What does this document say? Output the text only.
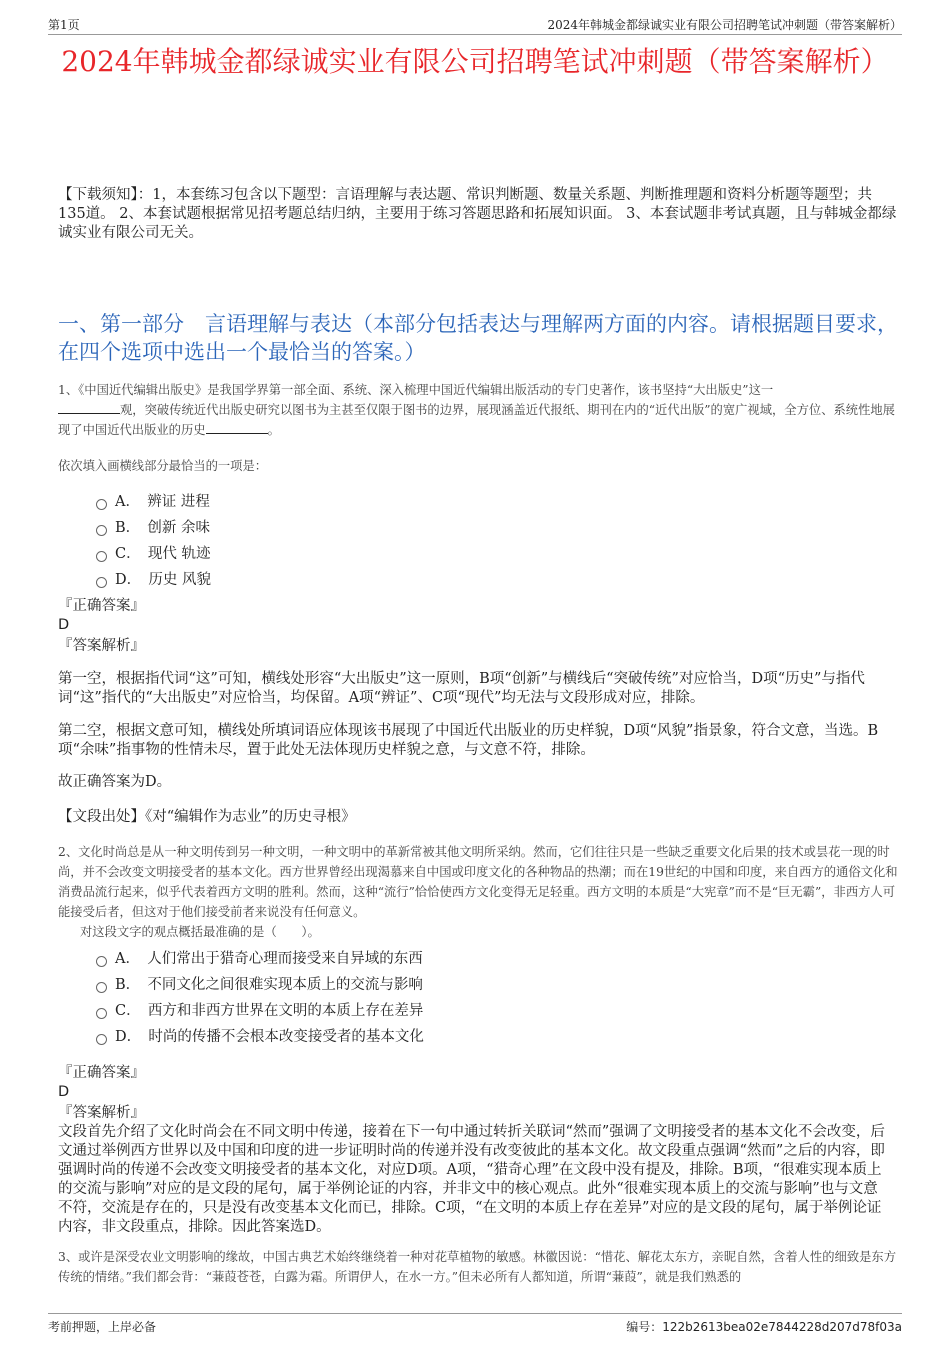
第1页	2024年韩城金都绿诚实业有限公司招聘笔试冲刺题（带答案解析）
2024年韩城金都绿诚实业有限公司招聘笔试冲刺题（带答案解析）
【下载须知】：1，本套练习包含以下题型：言语理解与表达题、常识判断题、数量关系题、判断推理题和资料分析题等题型；共135道。 2、本套试题根据常见招考题总结归纳，主要用于练习答题思路和拓展知识面。 3、本套试题非考试真题，且与韩城金都绿诚实业有限公司无关。
一、第一部分　言语理解与表达（本部分包括表达与理解两方面的内容。请根据题目要求，在四个选项中选出一个最恰当的答案。）
1、《中国近代编辑出版史》是我国学界第一部全面、系统、深入梳理中国近代编辑出版活动的专门史著作，该书坚持“大出版史”这一
观，突破传统近代出版史研究以图书为主甚至仅限于图书的边界，展现涵盖近代报纸、期刊在内的“近代出版”的宽广视域，全方位、系统性地展现了中国近代出版业的历史	。
依次填入画横线部分最恰当的一项是：
A．　辨证 进程
B．　创新 余味
C．　现代 轨迹
D．　历史 风貌
『正确答案』
D
『答案解析』
第一空，根据指代词“这”可知，横线处形容“大出版史”这一原则，B项“创新”与横线后“突破传统”对应恰当，D项“历史”与指代词“这”指代的“大出版史”对应恰当，均保留。A项“辨证”、C项“现代”均无法与文段形成对应，排除。
第二空，根据文意可知，横线处所填词语应体现该书展现了中国近代出版业的历史样貌，D项“风貌”指景象，符合文意，当选。B项“余味”指事物的性情未尽，置于此处无法体现历史样貌之意，与文意不符，排除。
故正确答案为D。
【文段出处】《对“编辑作为志业”的历史寻根》
2、文化时尚总是从一种文明传到另一种文明，一种文明中的革新常被其他文明所采纳。然而，它们往往只是一些缺乏重要文化后果的技术或昙花一现的时尚，并不会改变文明接受者的基本文化。西方世界曾经出现渴慕来自中国或印度文化的各种物品的热潮；而在19世纪的中国和印度，来自西方的通俗文化和消费品流行起来，似乎代表着西方文明的胜利。然而，这种“流行”恰恰使西方文化变得无足轻重。西方文明的本质是“大宪章”而不是“巨无霸”，非西方人可能接受后者，但这对于他们接受前者来说没有任何意义。
对这段文字的观点概括最准确的是（　　）。
A．　人们常出于猎奇心理而接受来自异域的东西
B．　不同文化之间很难实现本质上的交流与影响
C．　西方和非西方世界在文明的本质上存在差异
D．　时尚的传播不会根本改变接受者的基本文化
『正确答案』
D
『答案解析』
文段首先介绍了文化时尚会在不同文明中传递，接着在下一句中通过转折关联词“然而”强调了文明接受者的基本文化不会改变，后文通过举例西方世界以及中国和印度的进一步证明时尚的传递并没有改变彼此的基本文化。故文段重点强调“然而”之后的内容，即强调时尚的传递不会改变文明接受者的基本文化，对应D项。A项，“猎奇心理”在文段中没有提及，排除。B项，“很难实现本质上的交流与影响”对应的是文段的尾句，属于举例论证的内容，并非文中的核心观点。此外“很难实现本质上的交流与影响”也与文意不符，交流是存在的，只是没有改变基本文化而已，排除。C项，“在文明的本质上存在差异”对应的是文段的尾句，属于举例论证内容，非文段重点，排除。因此答案选D。
3、或许是深受农业文明影响的缘故，中国古典艺术始终继绕着一种对花草植物的敏感。林徽因说：“惜花、解花太东方，亲昵自然，含着人性的细致是东方传统的情绪。”我们都会背：“蒹葭苍苍，白露为霜。所谓伊人，在水一方。”但未必所有人都知道，所谓“蒹葭”，就是我们熟悉的
考前押题，上岸必备	编号：122b2613bea02e7844228d207d78f03a
